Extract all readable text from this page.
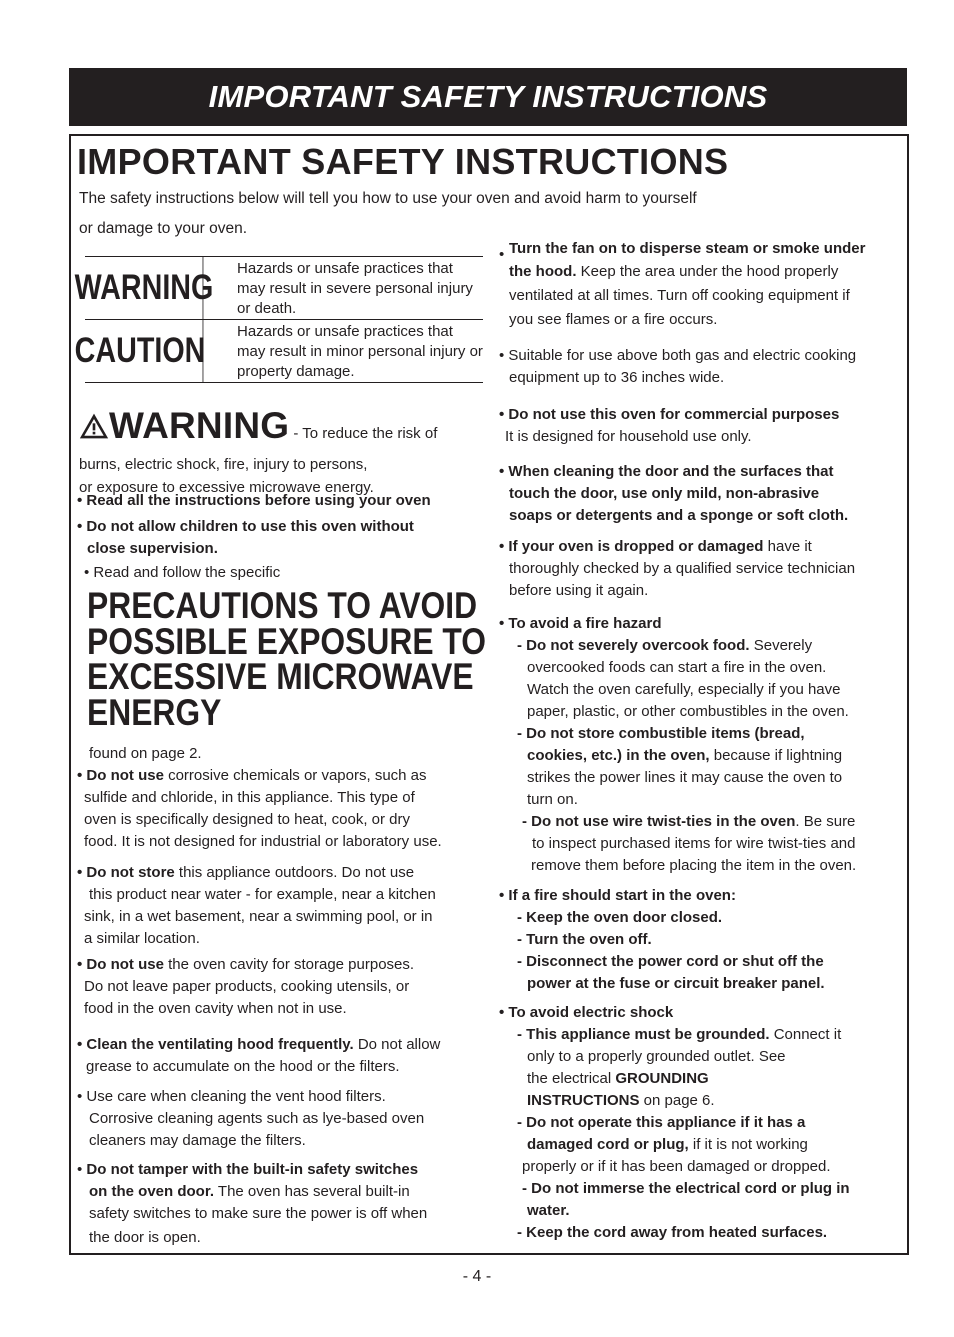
IMPORTANT SAFETY INSTRUCTIONS
IMPORTANT SAFETY INSTRUCTIONS

The safety instructions below will tell you how to use your oven and avoid harm to yourself

or damage to your oven.

WARNING	Hazards or unsafe practices that may result in severe personal injury or death.
CAUTION	Hazards or unsafe practices that may result in minor personal injury or property damage.
WARNING - To reduce the risk of

burns, electric shock, fire, injury to persons,

or exposure to excessive microwave energy.

• Read all the instructions before using your oven

• Do not allow children to use this oven without

close supervision.

• Read and follow the specific

PRECAUTIONS TO AVOID

POSSIBLE EXPOSURE TO

EXCESSIVE MICROWAVE

ENERGY

found on page 2.

• Do not use corrosive chemicals or vapors, such as

sulfide and chloride, in this appliance. This type of

oven is specifically designed to heat, cook, or dry

food. It is not designed for industrial or laboratory use.

• Do not store this appliance outdoors. Do not use

this product near water - for example, near a kitchen

sink, in a wet basement, near a swimming pool, or in

a similar location.

• Do not use the oven cavity for storage purposes.

Do not leave paper products, cooking utensils, or

food in the oven cavity when not in use.

• Clean the ventilating hood frequently. Do not allow

grease to accumulate on the hood or the filters.

• Use care when cleaning the vent hood filters.

Corrosive cleaning agents such as lye-based oven

cleaners may damage the filters.

• Do not tamper with the built-in safety switches

on the oven door. The oven has several built-in

safety switches to make sure the power is off when

the door is open.

• Turn the fan on to disperse steam or smoke under

the hood. Keep the area under the hood properly

ventilated at all times. Turn off cooking equipment if

you see flames or a fire occurs.

• Suitable for use above both gas and electric cooking

equipment up to 36 inches wide.

• Do not use this oven for commercial purposes

It is designed for household use only.

• When cleaning the door and the surfaces that

touch the door, use only mild, non-abrasive

soaps or detergents and a sponge or soft cloth.

• If your oven is dropped or damaged have it

thoroughly checked by a qualified service technician

before using it again.

• To avoid a fire hazard

- Do not severely overcook food. Severely

overcooked foods can start a fire in the oven.

Watch the oven carefully, especially if you have

paper, plastic, or other combustibles in the oven.

- Do not store combustible items (bread,

cookies, etc.) in the oven, because if lightning

strikes the power lines it may cause the oven to

turn on.

- Do not use wire twist-ties in the oven. Be sure

to inspect purchased items for wire twist-ties and

remove them before placing the item in the oven.

• If a fire should start in the oven:

- Keep the oven door closed.

- Turn the oven off.

- Disconnect the power cord or shut off the

power at the fuse or circuit breaker panel.

• To avoid electric shock

- This appliance must be grounded. Connect it

only to a properly grounded outlet. See

the electrical GROUNDING

INSTRUCTIONS on page 6.

- Do not operate this appliance if it has a

damaged cord or plug, if it is not working

properly or if it has been damaged or dropped.

- Do not immerse the electrical cord or plug in

water.

- Keep the cord away from heated surfaces.

- 4 -
